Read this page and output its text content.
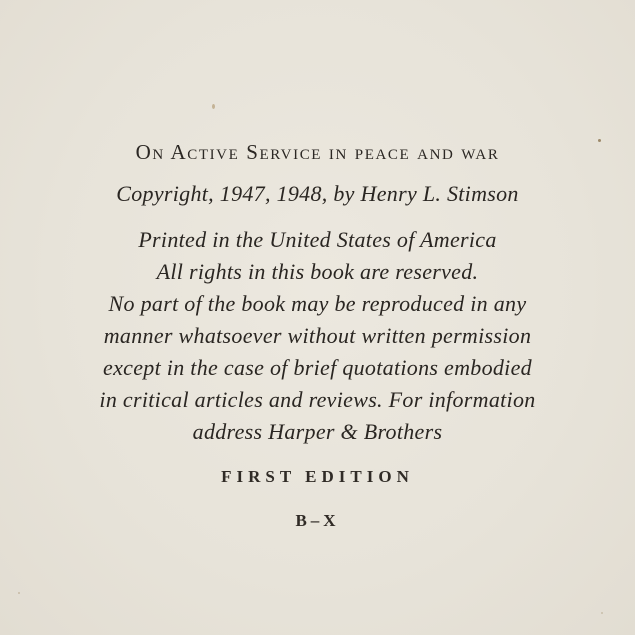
On Active Service in peace and war
Copyright, 1947, 1948, by Henry L. Stimson
Printed in the United States of America
All rights in this book are reserved.
No part of the book may be reproduced in any
manner whatsoever without written permission
except in the case of brief quotations embodied
in critical articles and reviews. For information
address Harper & Brothers
FIRST EDITION
B–X
